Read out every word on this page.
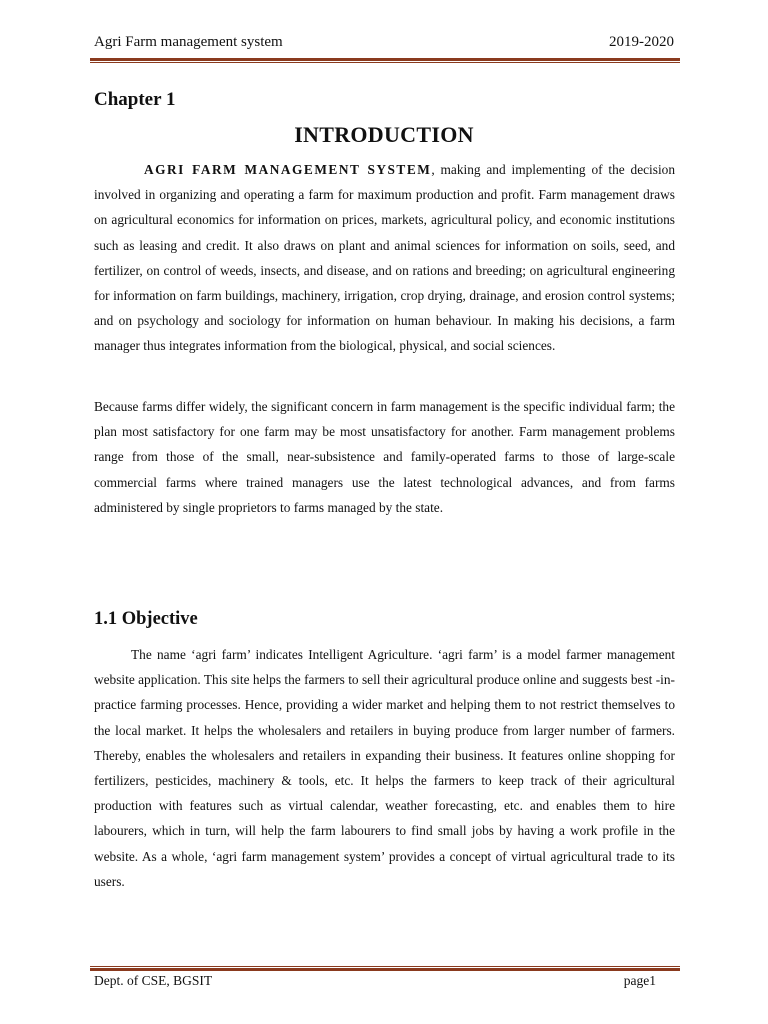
Agri Farm management system	2019-2020
Chapter 1
INTRODUCTION

AGRI FARM MANAGEMENT SYSTEM, making and implementing of the decision involved in organizing and operating a farm for maximum production and profit. Farm management draws on agricultural economics for information on prices, markets, agricultural policy, and economic institutions such as leasing and credit. It also draws on plant and animal sciences for information on soils, seed, and fertilizer, on control of weeds, insects, and disease, and on rations and breeding; on agricultural engineering for information on farm buildings, machinery, irrigation, crop drying, drainage, and erosion control systems; and on psychology and sociology for information on human behaviour. In making his decisions, a farm manager thus integrates information from the biological, physical, and social sciences.

Because farms differ widely, the significant concern in farm management is the specific individual farm; the plan most satisfactory for one farm may be most unsatisfactory for another. Farm management problems range from those of the small, near-subsistence and family-operated farms to those of large-scale commercial farms where trained managers use the latest technological advances, and from farms administered by single proprietors to farms managed by the state.

1.1 Objective

The name ‘agri farm’ indicates Intelligent Agriculture. ‘agri farm’ is a model farmer management website application. This site helps the farmers to sell their agricultural produce online and suggests best -in-practice farming processes. Hence, providing a wider market and helping them to not restrict themselves to the local market. It helps the wholesalers and retailers in buying produce from larger number of farmers. Thereby, enables the wholesalers and retailers in expanding their business. It features online shopping for fertilizers, pesticides, machinery & tools, etc. It helps the farmers to keep track of their agricultural production with features such as virtual calendar, weather forecasting, etc. and enables them to hire labourers, which in turn, will help the farm labourers to find small jobs by having a work profile in the website. As a whole, ‘agri farm management system’ provides a concept of virtual agricultural trade to its users.

Dept. of CSE, BGSIT	page1
